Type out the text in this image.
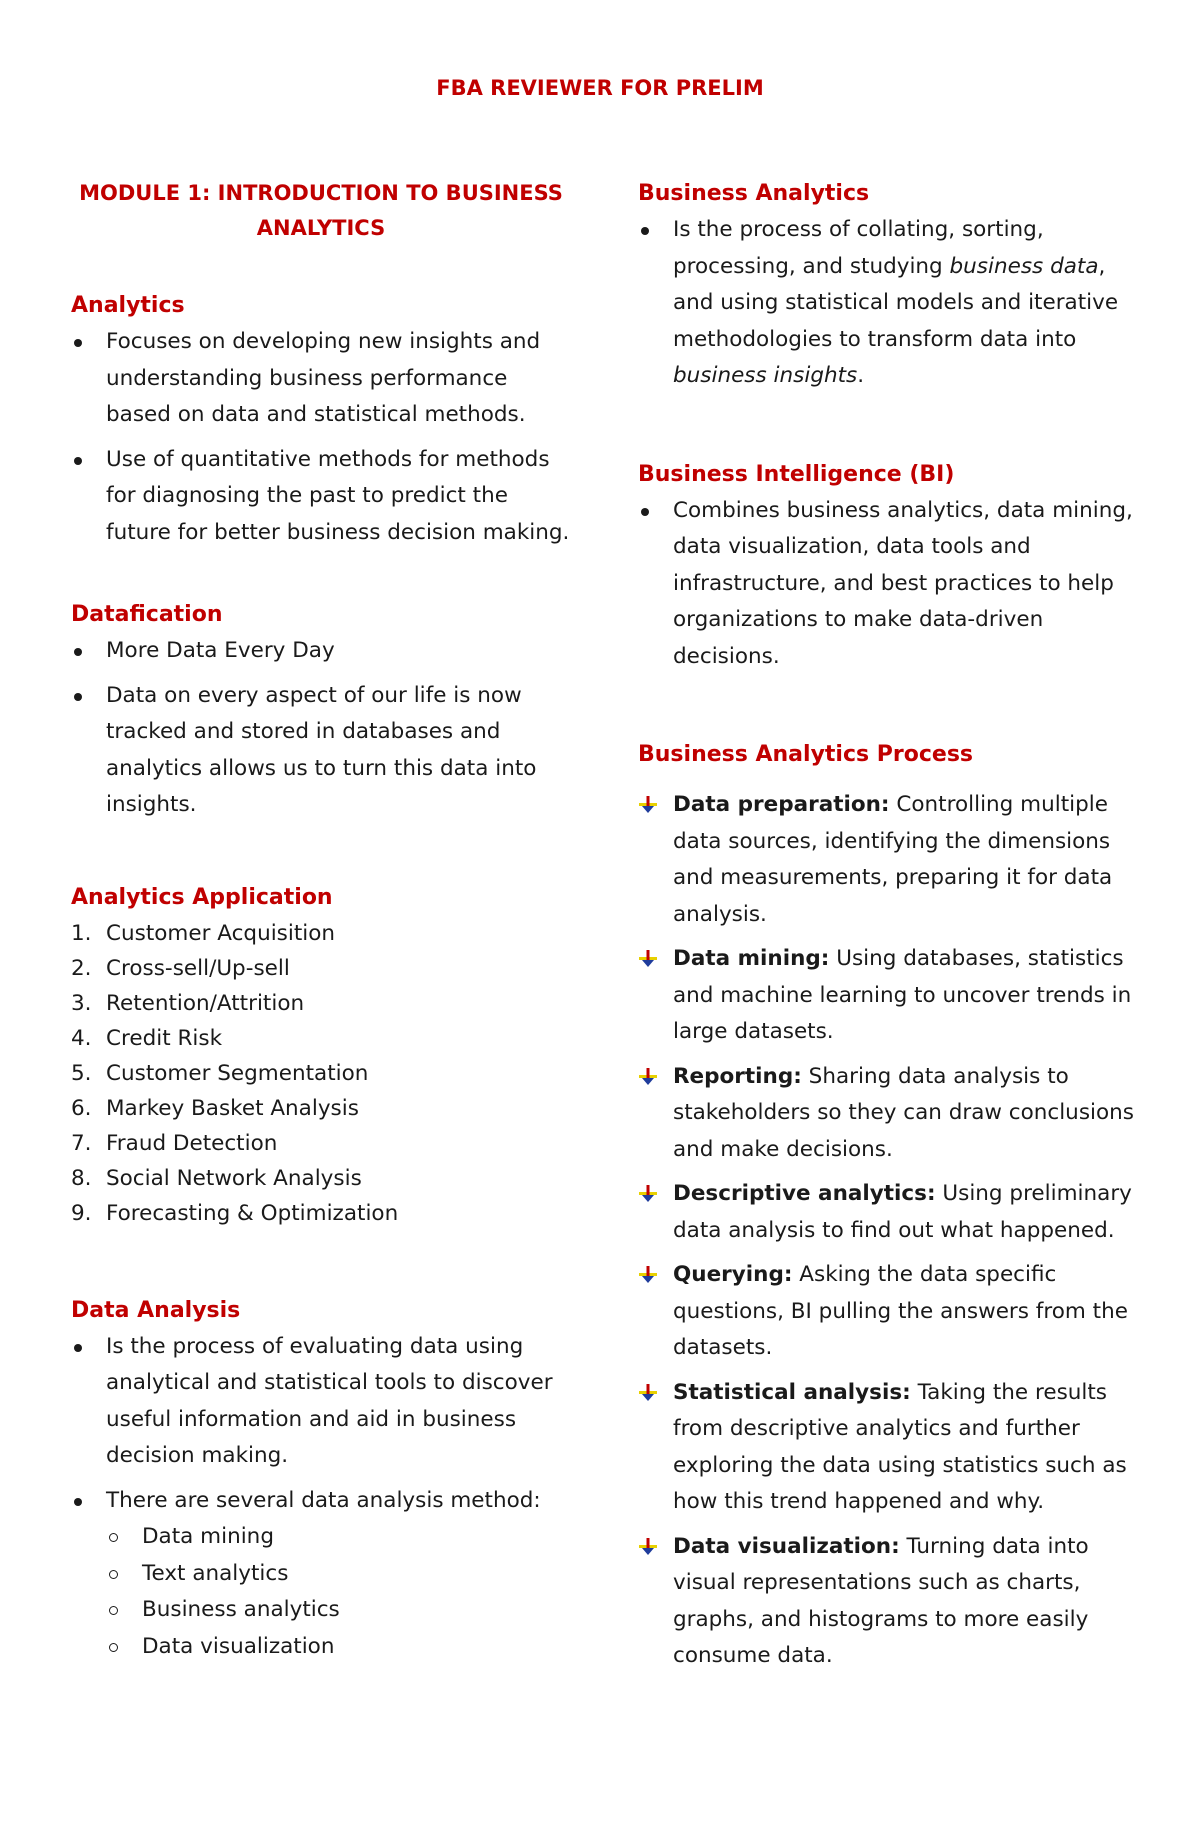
FBA REVIEWER FOR PRELIM
MODULE 1: INTRODUCTION TO BUSINESS
ANALYTICS
Analytics
Focuses on developing new insights and understanding business performance based on data and statistical methods.
Use of quantitative methods for methods for diagnosing the past to predict the future for better business decision making.
Datafication
More Data Every Day
Data on every aspect of our life is now tracked and stored in databases and analytics allows us to turn this data into insights.
Analytics Application
1. Customer Acquisition
2. Cross-sell/Up-sell
3. Retention/Attrition
4. Credit Risk
5. Customer Segmentation
6. Markey Basket Analysis
7. Fraud Detection
8. Social Network Analysis
9. Forecasting & Optimization
Data Analysis
Is the process of evaluating data using analytical and statistical tools to discover useful information and aid in business decision making.
There are several data analysis method:
Data mining
Text analytics
Business analytics
Data visualization
Business Analytics
Is the process of collating, sorting, processing, and studying business data, and using statistical models and iterative methodologies to transform data into business insights.
Business Intelligence (BI)
Combines business analytics, data mining, data visualization, data tools and infrastructure, and best practices to help organizations to make data-driven decisions.
Business Analytics Process
Data preparation: Controlling multiple data sources, identifying the dimensions and measurements, preparing it for data analysis.
Data mining: Using databases, statistics and machine learning to uncover trends in large datasets.
Reporting: Sharing data analysis to stakeholders so they can draw conclusions and make decisions.
Descriptive analytics: Using preliminary data analysis to find out what happened.
Querying: Asking the data specific questions, BI pulling the answers from the datasets.
Statistical analysis: Taking the results from descriptive analytics and further exploring the data using statistics such as how this trend happened and why.
Data visualization: Turning data into visual representations such as charts, graphs, and histograms to more easily consume data.
